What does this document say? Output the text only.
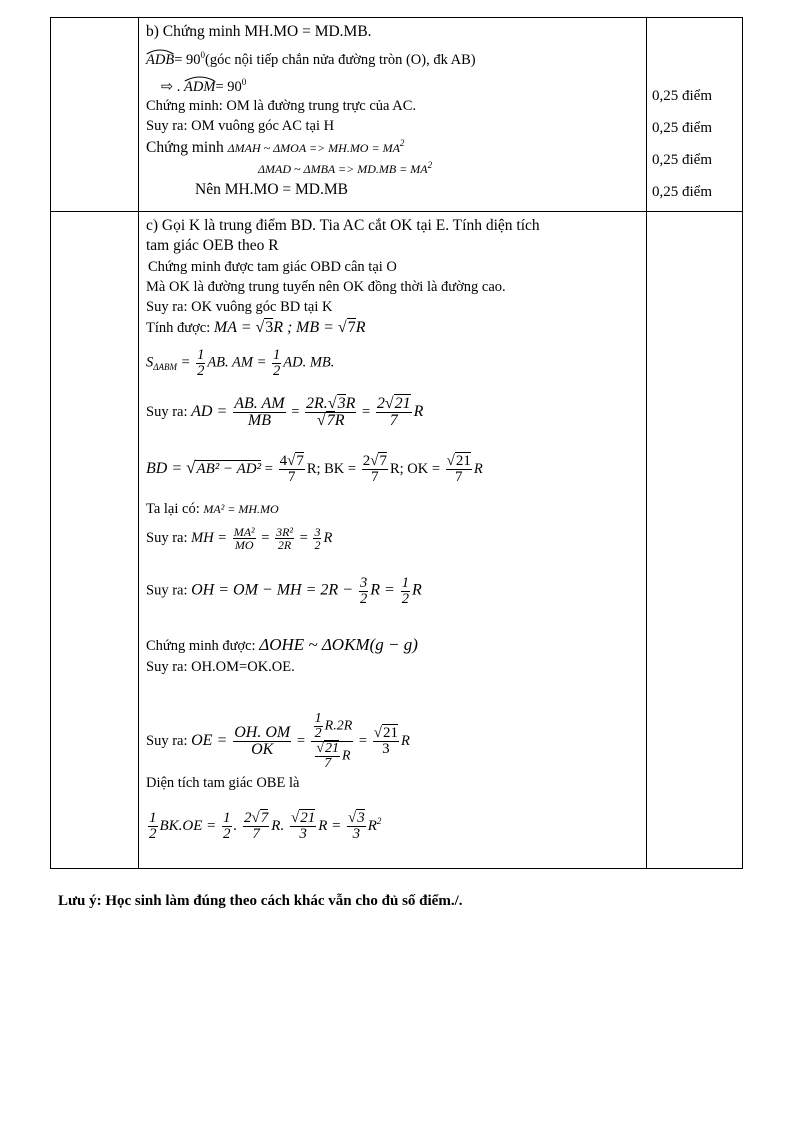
b) Chứng minh MH.MO = MD.MB.
$ADB= 90^0(góc$ nội tiếp chắn nửa đường tròn (O), đk AB)
⇨ . $ADM= 90^0$
Chứng minh: OM là đường trung trực của AC.
Suy ra: OM vuông góc AC tại H
Chứng minh ΔMAH ~ $\Delta MOA => MH.MO = MA^2$
ΔMAD ~ $\Delta MBA => MD.MB = MA^2$
Nên MH.MO = MD.MB
0,25 điểm
0,25 điểm
0,25 điểm
0,25 điểm
c) Gọi K là trung điểm BD. Tia AC cắt OK tại E. Tính diện tích
tam giác OEB theo R
Chứng minh được tam giác OBD cân tại O
Mà OK là đường trung tuyến nên OK đồng thời là đường cao.
Suy ra: OK vuông góc BD tại K
Tính được: MA = √3R ; MB = √7R
$S_{\Delta ABM} = \frac{1}{2}$ AB. AM = $\frac{1}{2}$ AD. MB.
Suy ra: AD = $\frac{AB. AM}{MB} = \frac{2R.√3R}{√7R} = \frac{2√21}{7}$ R
BD = $√AB^2 - AD^2 = \frac{4√7}{7} R$; BK = $\frac{2√7}{7} R$; OK = $\frac{√21}{7}$ R
Ta lại có: MA² = MH.MO
Suy ra: MH = $\frac{\text{MA²}}{MO} = \frac{\text{3R²}}{2R} = \frac{3}{2}$ R
Suy ra: OH = OM − MH = $2R - \frac{3}{2}$ $R = \frac{1}{2}$ R
Chứng minh được: ΔOHE ~ ΔOKM(g − g)
Suy ra: OH.OM=OK.OE.
Suy ra: OE = $\frac{OH. OM}{OK} = \frac{\frac{1}{2} R.2R}{\frac{√21}{7} R} = \frac{√21}{3}$ R
Diện tích tam giác OBE là
$\frac{1}{2} BK.OE = \frac{1}{2}$ . $\frac{2√7}{7} R$. $\frac{√21}{3}$ $R = \frac{√3}{3} R^2$
Lưu ý: Học sinh làm đúng theo cách khác vẫn cho đủ số điểm./.
